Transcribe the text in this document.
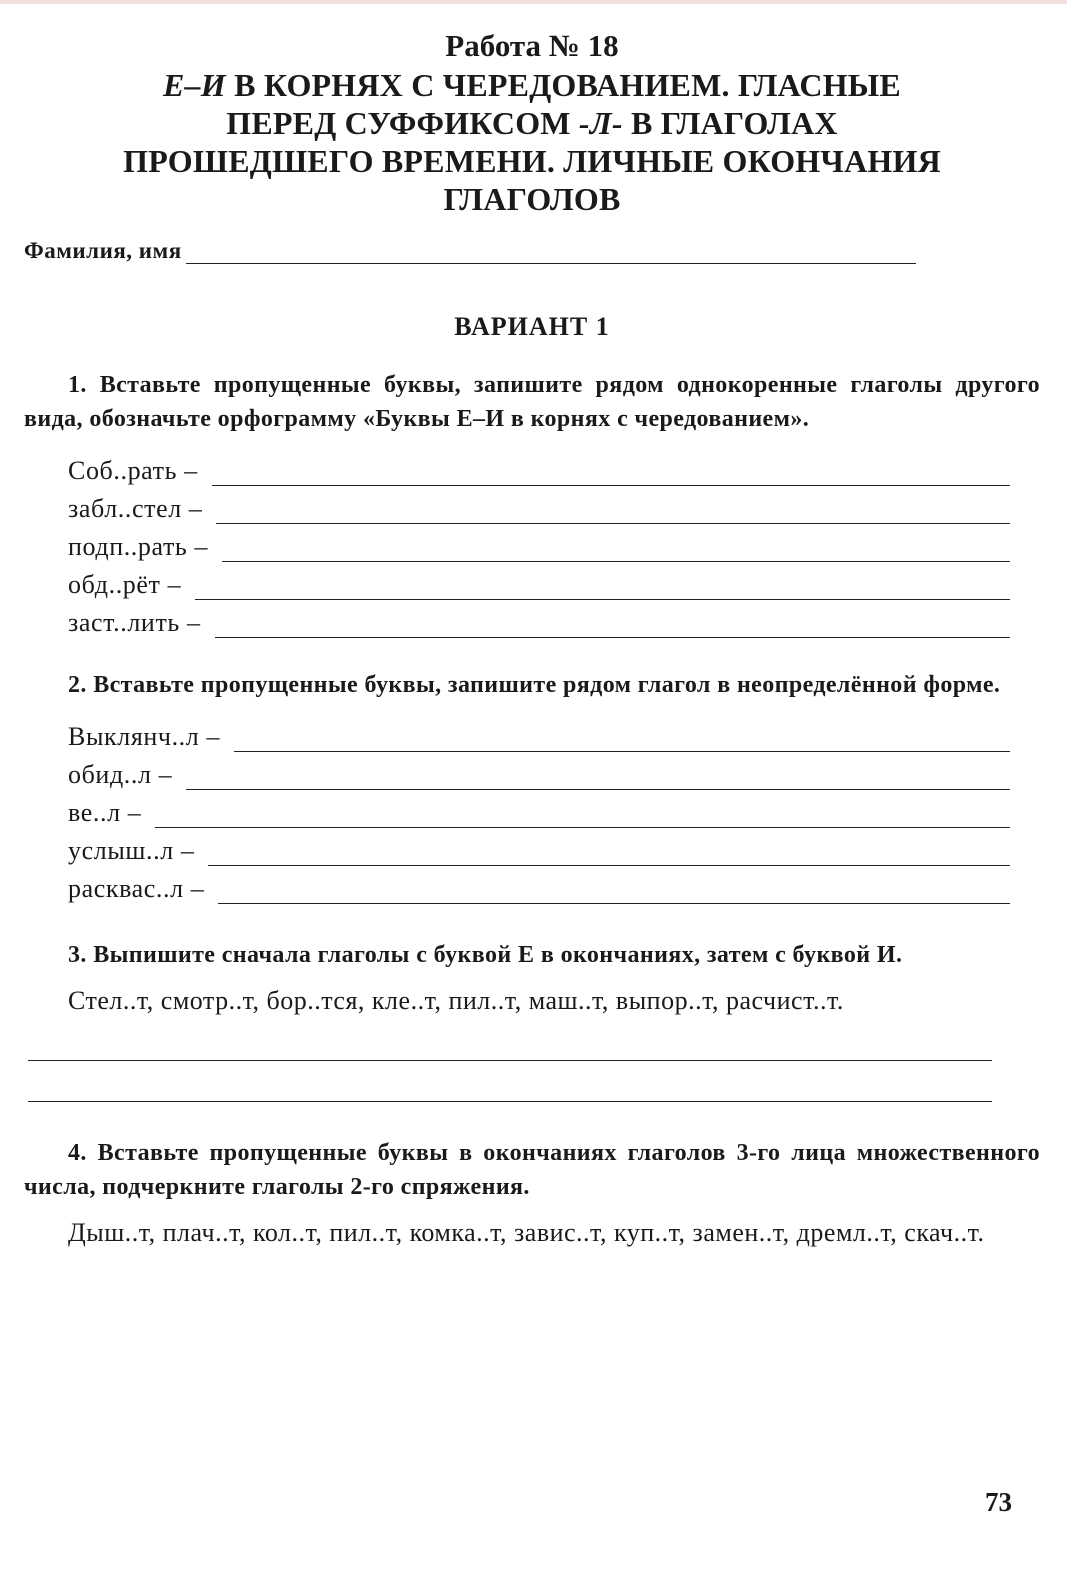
Работа № 18

Е–И В КОРНЯХ С ЧЕРЕДОВАНИЕМ. ГЛАСНЫЕ
ПЕРЕД СУФФИКСОМ -Л- В ГЛАГОЛАХ
ПРОШЕДШЕГО ВРЕМЕНИ. ЛИЧНЫЕ ОКОНЧАНИЯ
ГЛАГОЛОВ

Фамилия, имя

ВАРИАНТ 1

1. Вставьте пропущенные буквы, запишите рядом однокоренные глаголы другого вида, обозначьте орфограмму «Буквы Е–И в корнях с чередованием».

Соб..рать –
забл..стел –
подп..рать –
обд..рёт –
заст..лить –

2. Вставьте пропущенные буквы, запишите рядом глагол в неопределённой форме.

Выклянч..л –
обид..л –
ве..л –
услыш..л –
расквас..л –

3. Выпишите сначала глаголы с буквой Е в окончаниях, затем с буквой И.

Стел..т, смотр..т, бор..тся, кле..т, пил..т, маш..т, выпор..т, расчист..т.

4. Вставьте пропущенные буквы в окончаниях глаголов 3-го лица множественного числа, подчеркните глаголы 2-го спряжения.

Дыш..т, плач..т, кол..т, пил..т, комка..т, завис..т, куп..т, замен..т, дремл..т, скач..т.

73
